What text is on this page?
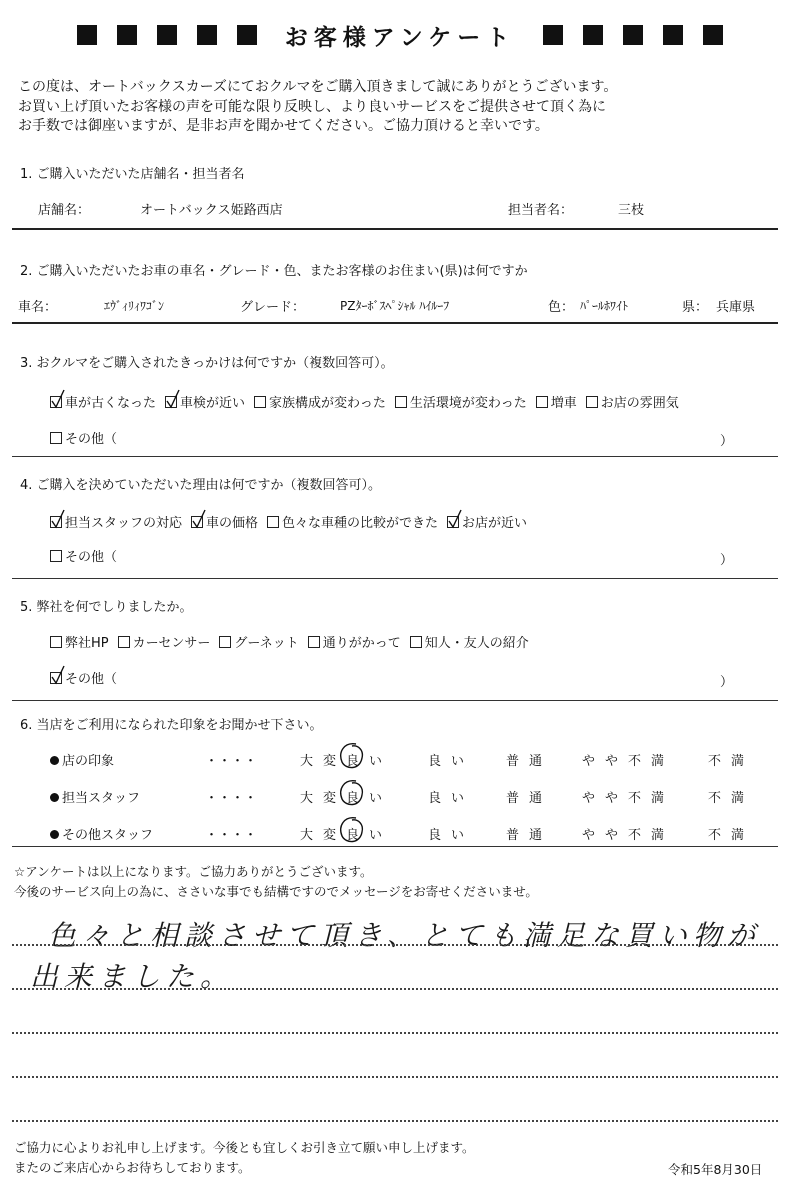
お客様アンケート
この度は、オートバックスカーズにておクルマをご購入頂きまして誠にありがとうございます。
お買い上げ頂いたお客様の声を可能な限り反映し、より良いサービスをご提供させて頂く為に
お手数では御座いますが、是非お声を聞かせてください。ご協力頂けると幸いです。
1. ご購入いただいた店舗名・担当者名
店舗名：	オートバックス姫路西店	担当者名：	三枝
2. ご購入いただいたお車の車名・グレード・色、またお客様のお住まい(県)は何ですか
車名：	ｴｳﾞｨﾘｨﾜｺﾞﾝ	グレード：	PZﾀｰﾎﾞｽﾍﾟｼｬﾙ ﾊｲﾙｰﾌ	色： ﾊﾟｰﾙﾎﾜｲﾄ	県： 兵庫県
3. おクルマをご購入されたきっかけは何ですか（複数回答可）。
車が古くなった 車検が近い 家族構成が変わった 生活環境が変わった 増車 お店の雰囲気
その他（	）
4. ご購入を決めていただいた理由は何ですか（複数回答可）。
担当スタッフの対応 車の価格 色々な車種の比較ができた お店が近い
その他（	）
5. 弊社を何でしりましたか。
弊社HP カーセンサー グーネット 通りがかって 知人・友人の紹介
その他（	）
6. 当店をご利用になられた印象をお聞かせ下さい。
店の印象	・・・・	大変良い	良い 普通 やや不満	不満
担当スタッフ	・・・・	大変良い	良い 普通 やや不満	不満
その他スタッフ	・・・・	大変良い	良い 普通 やや不満	不満
☆アンケートは以上になります。ご協力ありがとうございます。
今後のサービス向上の為に、ささいな事でも結構ですのでメッセージをお寄せくださいませ。
色々と相談させて頂き、とても満足な買い物が
出来ました。
ご協力に心よりお礼申し上げます。今後とも宜しくお引き立て願い申し上げます。
またのご来店心からお待ちしております。	令和5年8月30日
